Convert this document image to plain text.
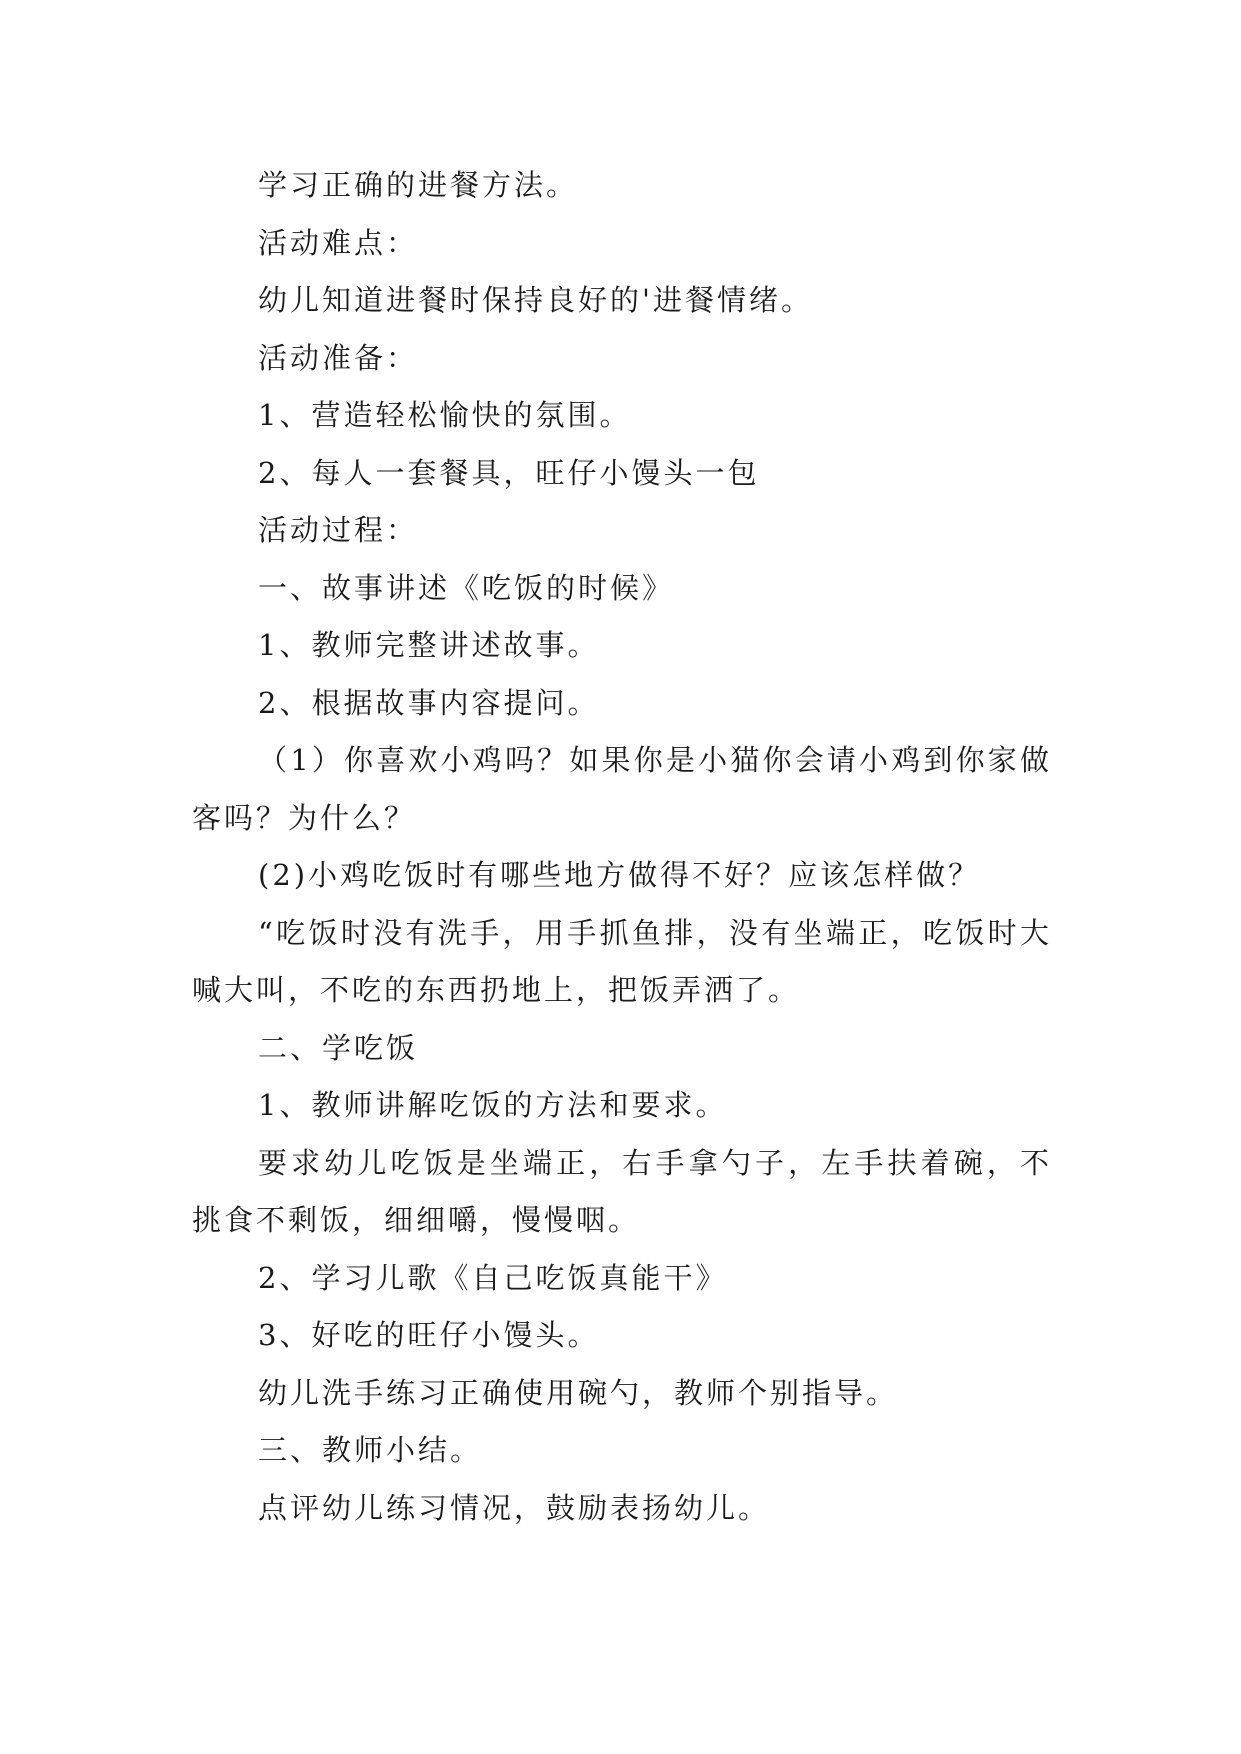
学习正确的进餐方法。

活动难点：

幼儿知道进餐时保持良好的'进餐情绪。

活动准备：

1、营造轻松愉快的氛围。

2、每人一套餐具，旺仔小馒头一包

活动过程：

一、故事讲述《吃饭的时候》

1、教师完整讲述故事。

2、根据故事内容提问。

（1）你喜欢小鸡吗？如果你是小猫你会请小鸡到你家做客吗？为什么？

(2)小鸡吃饭时有哪些地方做得不好？应该怎样做？

“吃饭时没有洗手，用手抓鱼排，没有坐端正，吃饭时大喊大叫，不吃的东西扔地上，把饭弄洒了。

二、学吃饭

1、教师讲解吃饭的方法和要求。

要求幼儿吃饭是坐端正，右手拿勺子，左手扶着碗，不挑食不剩饭，细细嚼，慢慢咽。

2、学习儿歌《自己吃饭真能干》

3、好吃的旺仔小馒头。

幼儿洗手练习正确使用碗勺，教师个别指导。

三、教师小结。

点评幼儿练习情况，鼓励表扬幼儿。
